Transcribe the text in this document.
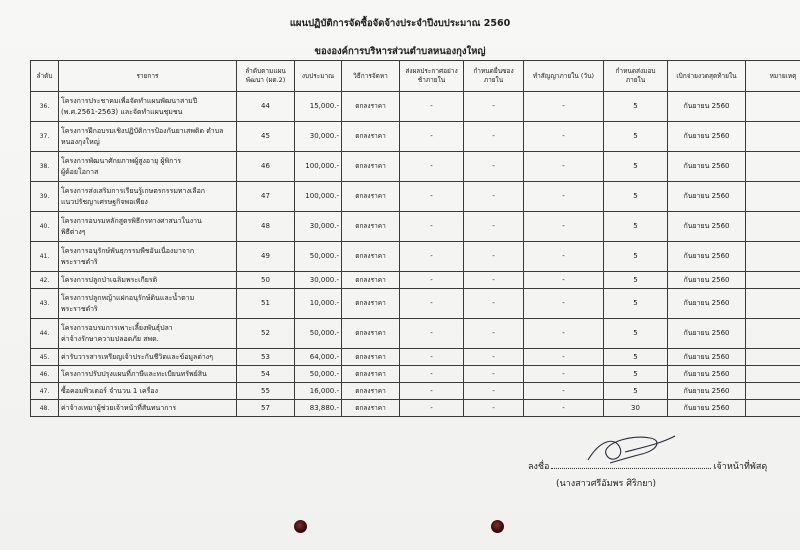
แผนปฏิบัติการจัดซื้อจัดจ้างประจำปีงบประมาณ 2560
ขององค์การบริหารส่วนตำบลหนองกุงใหญ่
ลำดับ	รายการ	ลำดับตามแผนพัฒนา (ผด.2)	งบประมาณ	วิธีการจัดหา	ส่งผลประกาศอย่างช้าภายใน	กำหนดยื่นซองภายใน	ทำสัญญาภายใน (วัน)	กำหนดส่งมอบภายใน	เบิกจ่ายงวดสุดท้ายใน	หมายเหตุ
36.	โครงการประชาคมเพื่อจัดทำแผนพัฒนาสามปี
(พ.ศ.2561-2563) และจัดทำแผนชุมชน	44	15,000.-	ตกลงราคา	-	-	-	5	กันยายน 2560	
37.	โครงการฝึกอบรมเชิงปฏิบัติการป้องกันยาเสพติด ตำบล
หนองกุงใหญ่	45	30,000.-	ตกลงราคา	-	-	-	5	กันยายน 2560	
38.	โครงการพัฒนาศักยภาพผู้สูงอายุ ผู้พิการ
ผู้ด้อยโอกาส	46	100,000.-	ตกลงราคา	-	-	-	5	กันยายน 2560	
39.	โครงการส่งเสริมการเรียนรู้เกษตรกรรมทางเลือก
แนวปรัชญาเศรษฐกิจพอเพียง	47	100,000.-	ตกลงราคา	-	-	-	5	กันยายน 2560	
40.	โครงการอบรมหลักสูตรพิธีกรทางศาสนาในงาน
พิธีต่างๆ	48	30,000.-	ตกลงราคา	-	-	-	5	กันยายน 2560	
41.	โครงการอนุรักษ์พันธุกรรมพืชอันเนื่องมาจาก
พระราชดำริ	49	50,000.-	ตกลงราคา	-	-	-	5	กันยายน 2560	
42.	โครงการปลูกป่าเฉลิมพระเกียรติ	50	30,000.-	ตกลงราคา	-	-	-	5	กันยายน 2560	
43.	โครงการปลูกหญ้าแฝกอนุรักษ์ดินและน้ำตาม
พระราชดำริ	51	10,000.-	ตกลงราคา	-	-	-	5	กันยายน 2560	
44.	โครงการอบรมการเพาะเลี้ยงพันธุ์ปลา
ค่าจ้างรักษาความปลอดภัย สพด.	52	50,000.-	ตกลงราคา	-	-	-	5	กันยายน 2560	
45.	ค่ารับวารสารเหรียญเจ้าประกันชีวิตและข้อมูลต่างๆ	53	64,000.-	ตกลงราคา	-	-	-	5	กันยายน 2560	
46.	โครงการปรับปรุงแผนที่ภาษีและทะเบียนทรัพย์สิน	54	50,000.-	ตกลงราคา	-	-	-	5	กันยายน 2560	
47.	ซื้อคอมพิวเตอร์ จำนวน 1 เครื่อง	55	16,000.-	ตกลงราคา	-	-	-	5	กันยายน 2560	
48.	ค่าจ้างเหมาผู้ช่วยเจ้าหน้าที่สันทนาการ	57	83,880.-	ตกลงราคา	-	-	-	30	กันยายน 2560	
ลงชื่อ	เจ้าหน้าที่พัสดุ
(นางสาวศรีอัมพร ศิริกยา)
